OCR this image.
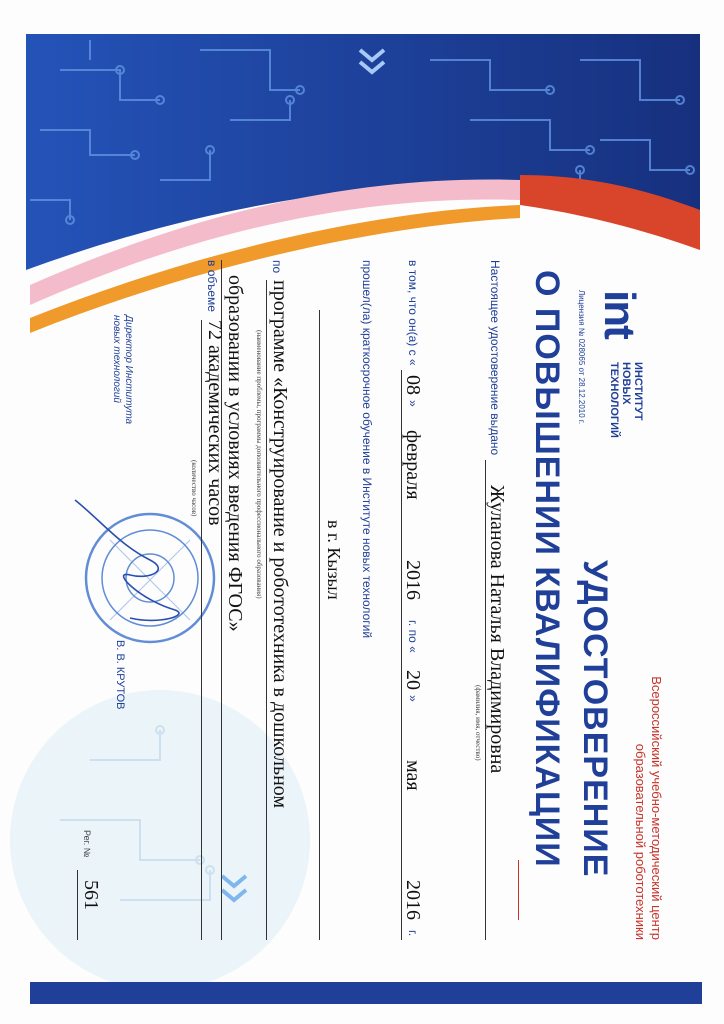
Всероссийский учебно-методический центр
образовательной робототехники
int
ИНСТИТУТ
НОВЫХ
ТЕХНОЛОГИЙ
Лицензия № 028065 от 28.12.2010 г.
УДОСТОВЕРЕНИЕ
О ПОВЫШЕНИИ КВАЛИФИКАЦИИ
Настоящее удостоверение выдано
Жуланова Наталья Владимировна
(фамилия, имя, отчество)
в том, что он(а) с «
08
»
февраля
2016
г. по «
20
»
мая
2016
г.
прошел(ла) краткосрочное обучение в Институте новых технологий
в г. Кызыл
по
программе «Конструирование и робототехника в дошкольном
(наименование проблемы, программы дополнительного профессионального образования)
образовании в условиях введения ФГОС»
в объеме
72 академических часов
(количество часов)
Директор Института
новых технологий
В. В. КРУТОВ
Рег. №
561
